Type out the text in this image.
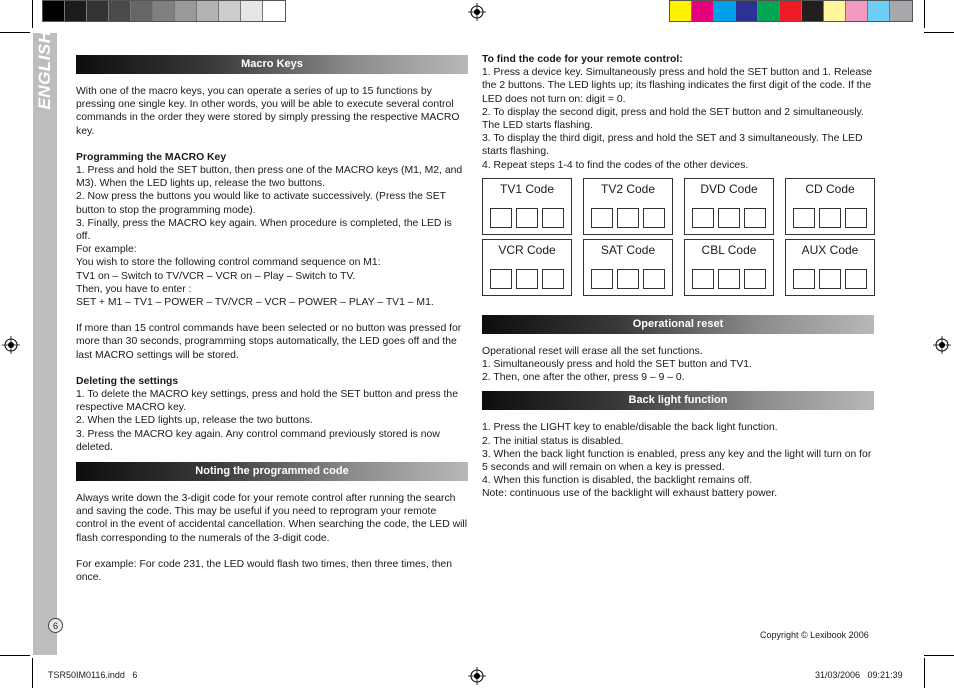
ENGLISH
6
Macro Keys
With one of the macro keys, you can operate a series of up to 15 functions by pressing one single key. In other words, you will be able to execute several control commands in the order they were stored by simply pressing the respective MACRO key.
Programming the MACRO Key
1. Press and hold the SET button, then press one of the MACRO keys (M1, M2, and M3). When the LED lights up, release the two buttons.
2. Now press the buttons you would like to activate successively. (Press the SET button to stop the programming mode).
3. Finally, press the MACRO key again. When procedure is completed, the LED is off.
For example:
You wish to store the following control command sequence on M1:
TV1 on – Switch to TV/VCR – VCR on – Play – Switch to TV.
Then, you have to enter :
SET + M1 – TV1 – POWER – TV/VCR – VCR – POWER – PLAY – TV1 – M1.
If more than 15 control commands have been selected or no button was pressed for more than 30 seconds, programming stops automatically, the LED goes off and the last MACRO settings will be stored.
Deleting the settings
1. To delete the MACRO key settings, press and hold the SET button and press the respective MACRO key.
2. When the LED lights up, release the two buttons.
3. Press the MACRO key again. Any control command previously stored is now deleted.
Noting the programmed code
Always write down the 3-digit code for your remote control after running the search and saving the code. This may be useful if you need to reprogram your remote control in the event of accidental cancellation. When searching the code, the LED will flash corresponding to the numerals of the 3-digit code.
For example: For code 231, the LED would flash two times, then three times, then once.
To find the code for your remote control:
1. Press a device key. Simultaneously press and hold the SET button and 1. Release the 2 buttons. The LED lights up; its flashing indicates the first digit of the code. If the LED does not turn on: digit = 0.
2. To display the second digit, press and hold the SET button and 2 simultaneously. The LED starts flashing.
3. To display the third digit, press and hold the SET and 3 simultaneously. The LED starts flashing.
4. Repeat steps 1-4 to find the codes of the other devices.
TV1 Code	TV2 Code	DVD Code	CD Code
VCR Code	SAT Code	CBL Code	AUX Code
Operational reset
Operational reset will erase all the set functions.
1. Simultaneously press and hold the SET button and TV1.
2. Then, one after the other, press 9 – 9 – 0.
Back light function
1. Press the LIGHT key to enable/disable the back light function.
2. The initial status is disabled.
3. When the back light function is enabled, press any key and the light will turn on for 5 seconds and will remain on when a key is pressed.
4. When this function is disabled, the backlight remains off.
Note: continuous use of the backlight will exhaust battery power.
Copyright © Lexibook 2006
TSR50IM0116.indd   6	31/03/2006   09:21:39
